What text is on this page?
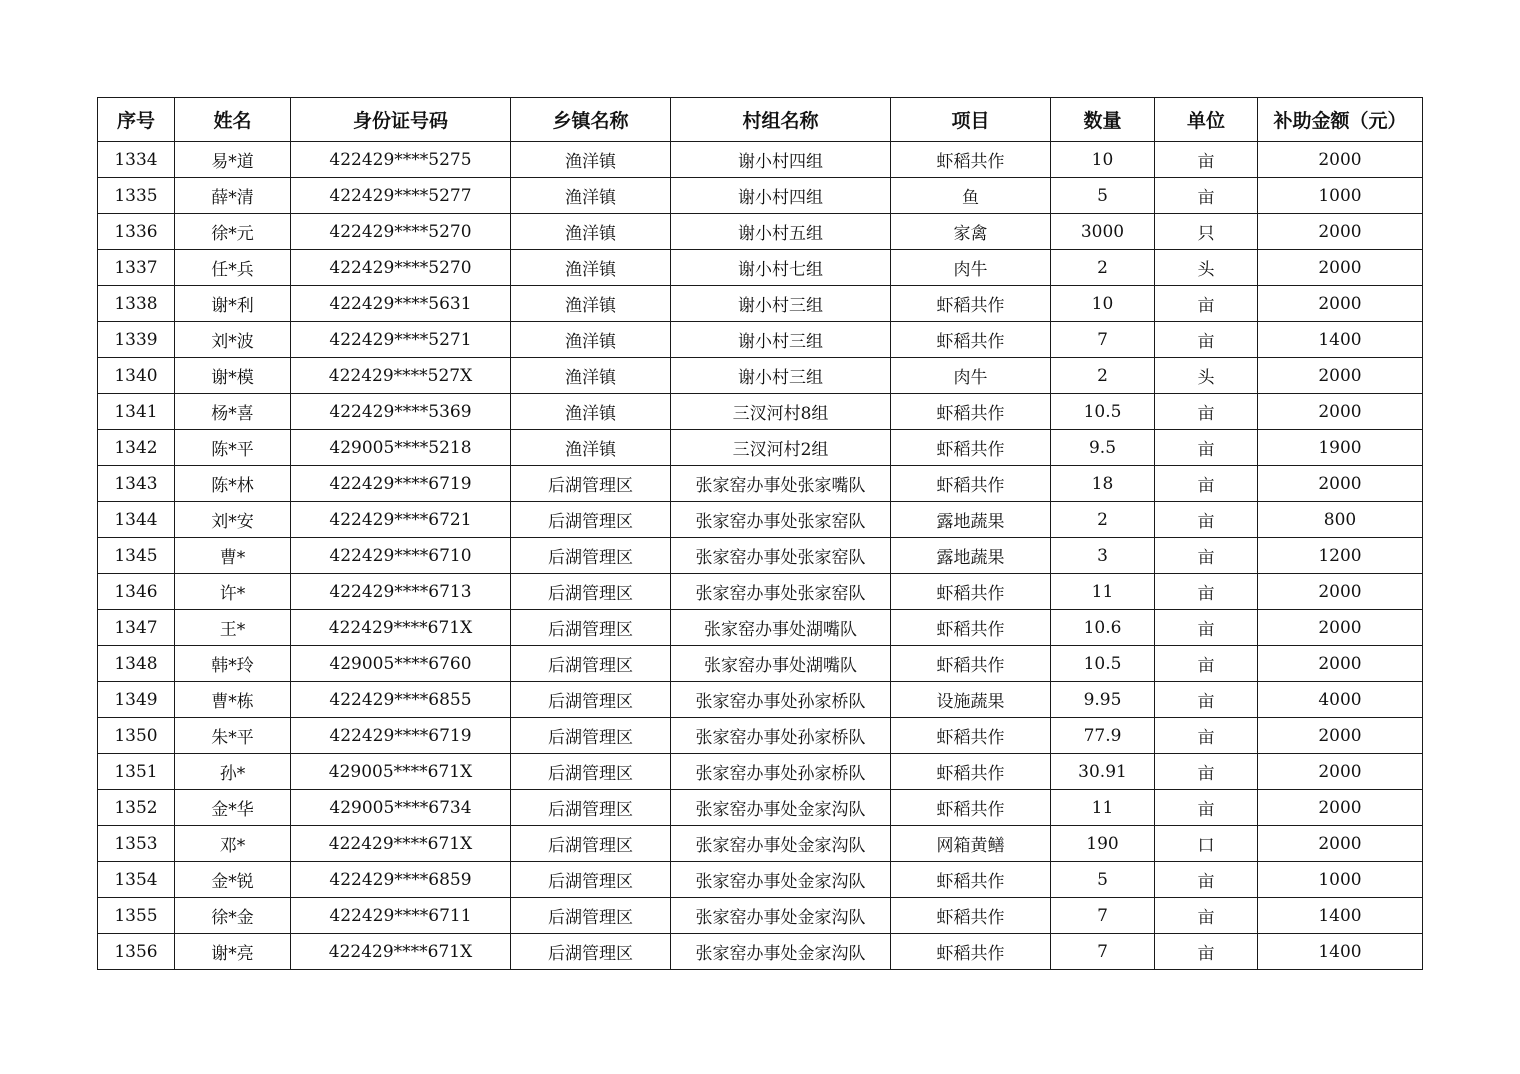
序号	姓名	身份证号码	乡镇名称	村组名称	项目	数量	单位	补助金额（元）
1334	易*道	422429****5275	渔洋镇	谢小村四组	虾稻共作	10	亩	2000
1335	薛*清	422429****5277	渔洋镇	谢小村四组	鱼	5	亩	1000
1336	徐*元	422429****5270	渔洋镇	谢小村五组	家禽	3000	只	2000
1337	任*兵	422429****5270	渔洋镇	谢小村七组	肉牛	2	头	2000
1338	谢*利	422429****5631	渔洋镇	谢小村三组	虾稻共作	10	亩	2000
1339	刘*波	422429****5271	渔洋镇	谢小村三组	虾稻共作	7	亩	1400
1340	谢*模	422429****527X	渔洋镇	谢小村三组	肉牛	2	头	2000
1341	杨*喜	422429****5369	渔洋镇	三汊河村8组	虾稻共作	10.5	亩	2000
1342	陈*平	429005****5218	渔洋镇	三汊河村2组	虾稻共作	9.5	亩	1900
1343	陈*林	422429****6719	后湖管理区	张家窑办事处张家嘴队	虾稻共作	18	亩	2000
1344	刘*安	422429****6721	后湖管理区	张家窑办事处张家窑队	露地蔬果	2	亩	800
1345	曹*	422429****6710	后湖管理区	张家窑办事处张家窑队	露地蔬果	3	亩	1200
1346	许*	422429****6713	后湖管理区	张家窑办事处张家窑队	虾稻共作	11	亩	2000
1347	王*	422429****671X	后湖管理区	张家窑办事处湖嘴队	虾稻共作	10.6	亩	2000
1348	韩*玲	429005****6760	后湖管理区	张家窑办事处湖嘴队	虾稻共作	10.5	亩	2000
1349	曹*栋	422429****6855	后湖管理区	张家窑办事处孙家桥队	设施蔬果	9.95	亩	4000
1350	朱*平	422429****6719	后湖管理区	张家窑办事处孙家桥队	虾稻共作	77.9	亩	2000
1351	孙*	429005****671X	后湖管理区	张家窑办事处孙家桥队	虾稻共作	30.91	亩	2000
1352	金*华	429005****6734	后湖管理区	张家窑办事处金家沟队	虾稻共作	11	亩	2000
1353	邓*	422429****671X	后湖管理区	张家窑办事处金家沟队	网箱黄鳝	190	口	2000
1354	金*锐	422429****6859	后湖管理区	张家窑办事处金家沟队	虾稻共作	5	亩	1000
1355	徐*金	422429****6711	后湖管理区	张家窑办事处金家沟队	虾稻共作	7	亩	1400
1356	谢*亮	422429****671X	后湖管理区	张家窑办事处金家沟队	虾稻共作	7	亩	1400
